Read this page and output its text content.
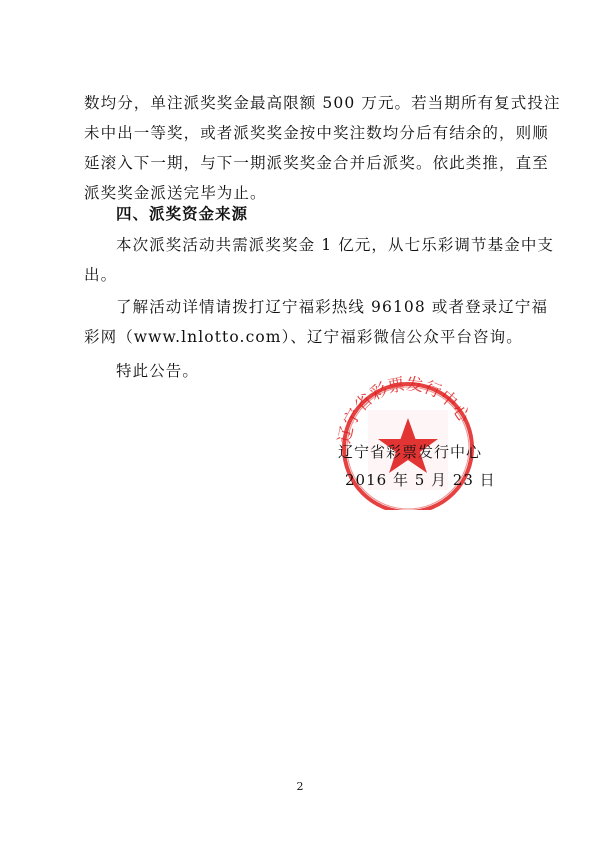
数均分，单注派奖奖金最高限额 500 万元。若当期所有复式投注
未中出一等奖，或者派奖奖金按中奖注数均分后有结余的，则顺
延滚入下一期，与下一期派奖奖金合并后派奖。依此类推，直至
派奖奖金派送完毕为止。

四、派奖资金来源

本次派奖活动共需派奖奖金 1 亿元，从七乐彩调节基金中支
出。

了解活动详情请拨打辽宁福彩热线 96108 或者登录辽宁福
彩网（www.lnlotto.com）、辽宁福彩微信公众平台咨询。

特此公告。

辽宁省彩票发行中心
辽宁省彩票发行中心
2016 年 5 月 23 日
2
